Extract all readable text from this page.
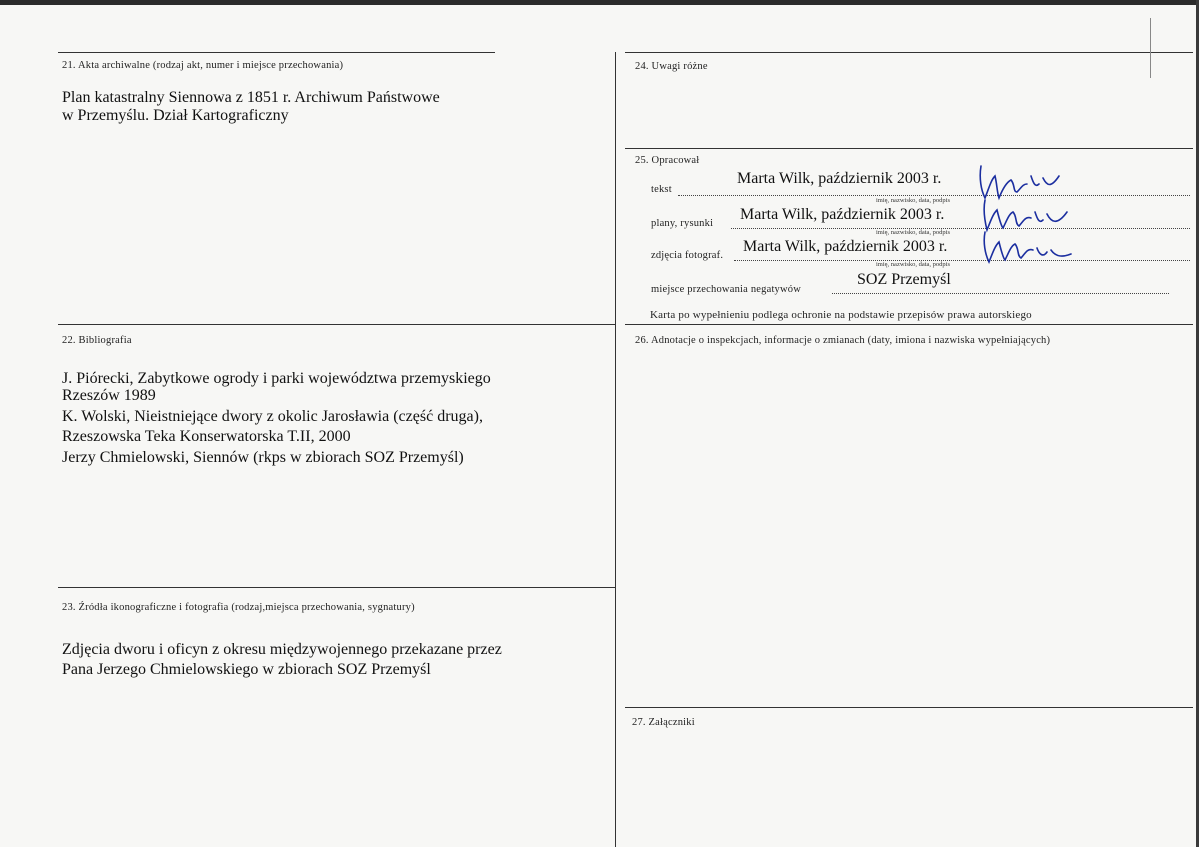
21. Akta archiwalne (rodzaj akt, numer i miejsce przechowania)
Plan katastralny Siennowa z 1851 r. Archiwum Państwowe
w Przemyślu. Dział Kartograficzny
22. Bibliografia
J. Piórecki, Zabytkowe ogrody i parki województwa przemyskiego
Rzeszów 1989
K. Wolski, Nieistniejące dwory z okolic Jarosławia (część druga),
Rzeszowska Teka Konserwatorska T.II, 2000
Jerzy Chmielowski, Siennów (rkps w zbiorach SOZ Przemyśl)
23. Źródła ikonograficzne i fotografia (rodzaj,miejsca przechowania, sygnatury)
Zdjęcia dworu i oficyn z okresu międzywojennego przekazane przez
Pana Jerzego Chmielowskiego w zbiorach SOZ Przemyśl
24. Uwagi różne
25. Opracował
tekst
Marta Wilk, październik 2003 r.
imię, nazwisko, data, podpis
plany, rysunki
Marta Wilk, październik 2003 r.
imię, nazwisko, data, podpis
zdjęcia fotograf.
Marta Wilk, październik 2003 r.
imię, nazwisko, data, podpis
miejsce przechowania negatywów
SOZ Przemyśl
Karta po wypełnieniu podlega ochronie na podstawie przepisów prawa autorskiego
26. Adnotacje o inspekcjach, informacje o zmianach (daty, imiona i nazwiska wypełniających)
27. Załączniki
